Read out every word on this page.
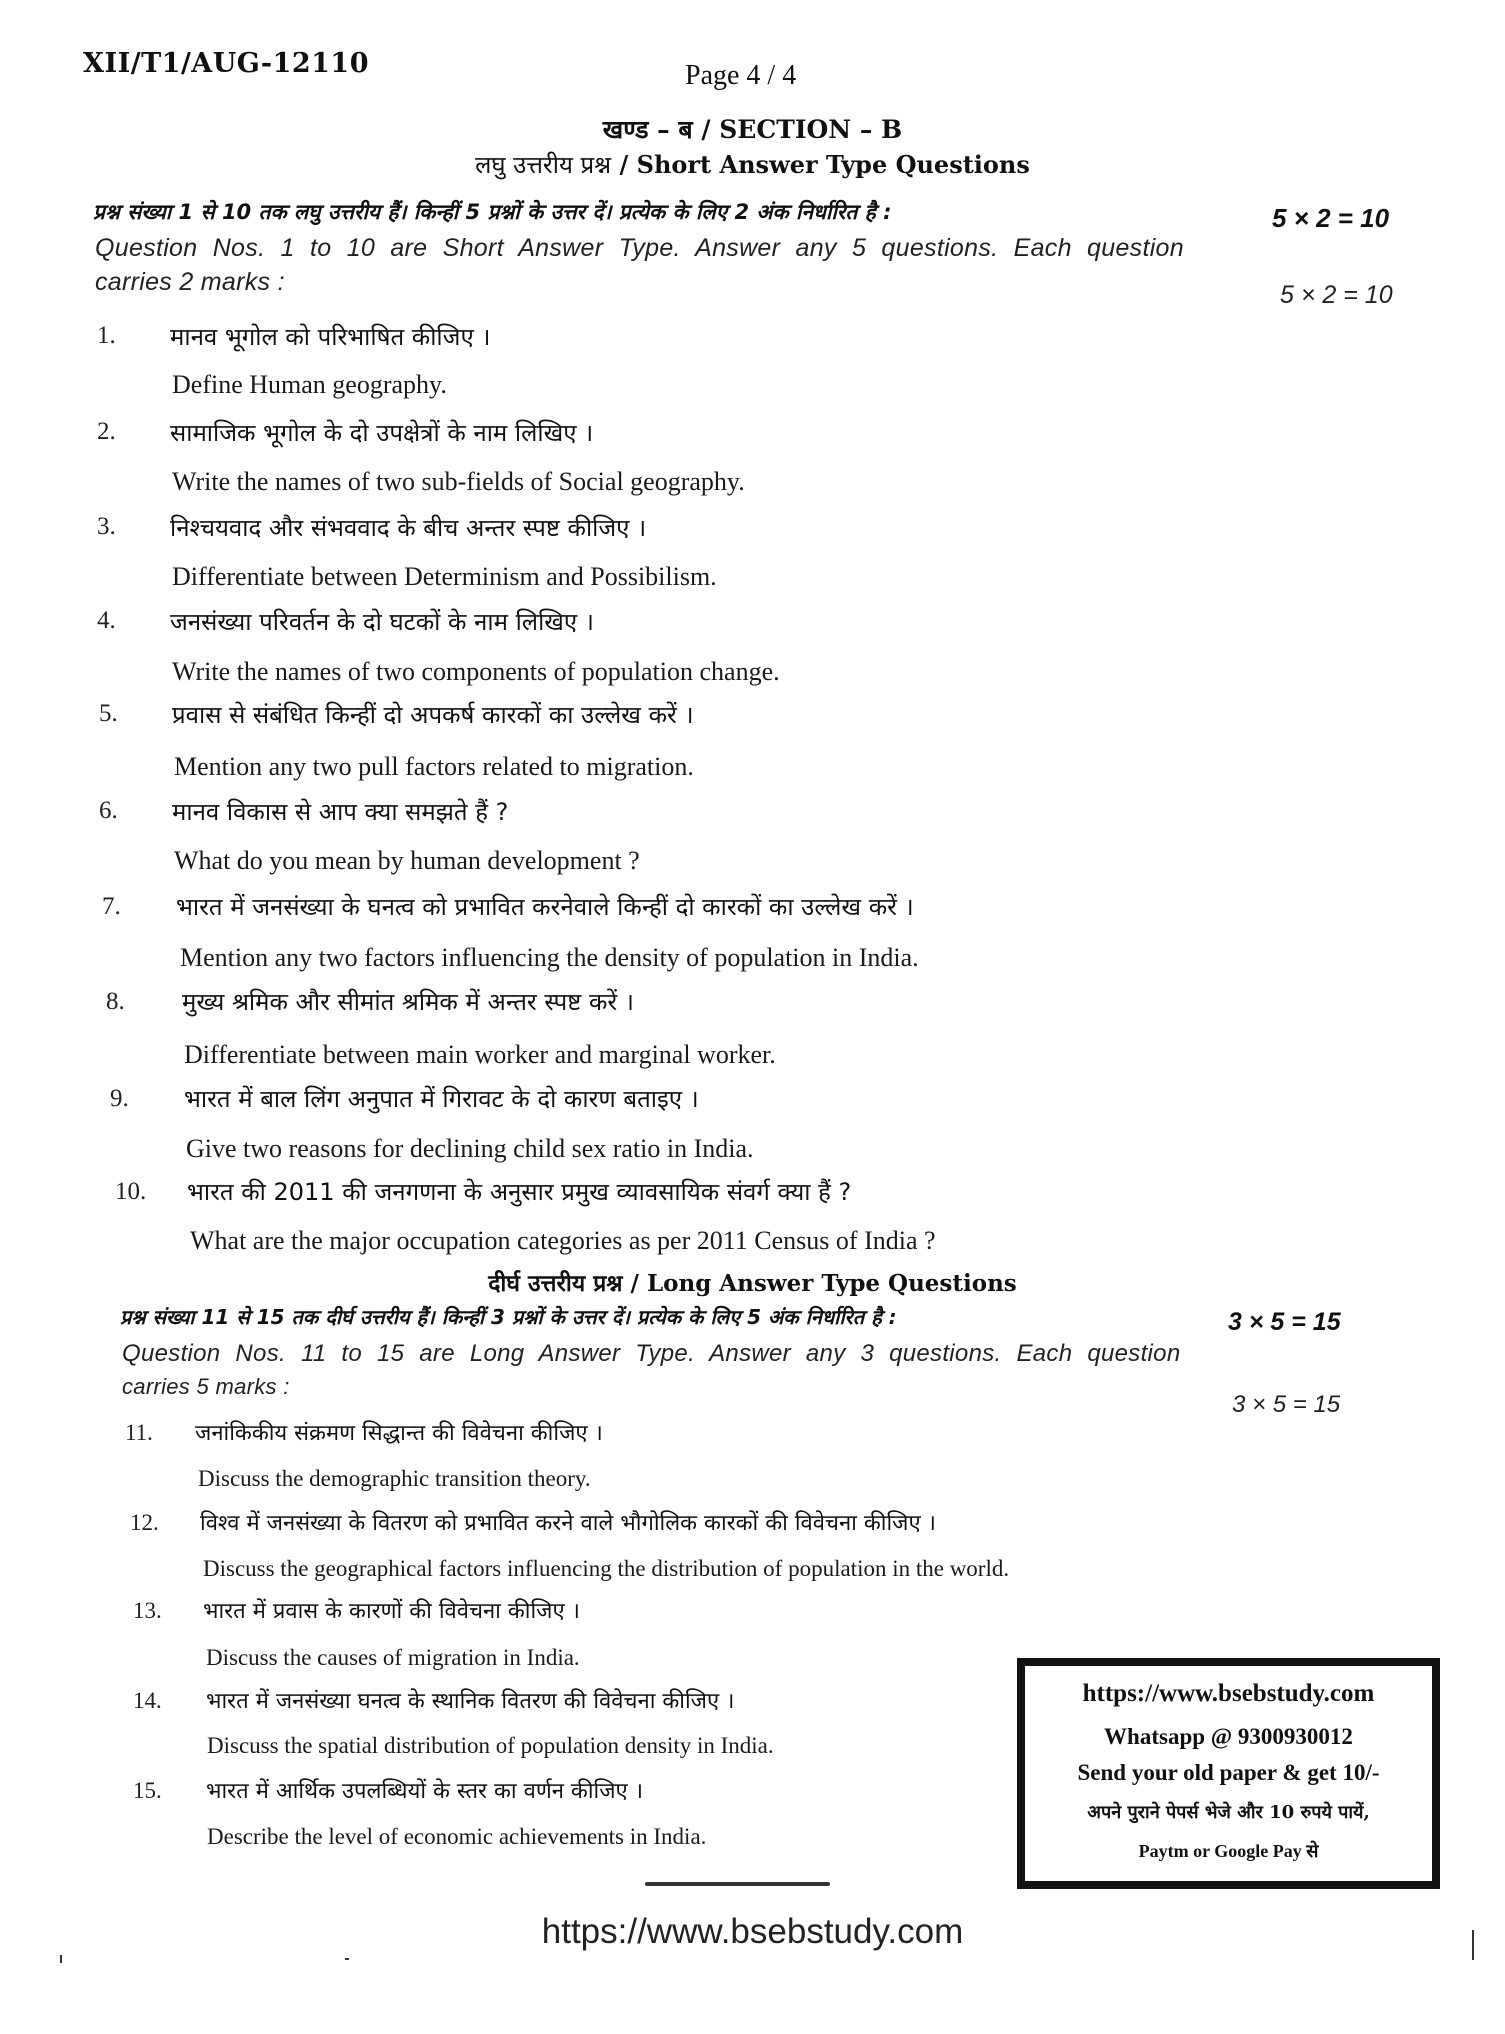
XII/T1/AUG-12110	Page 4 / 4
खण्ड – ब / SECTION – B
लघु उत्तरीय प्रश्न / Short Answer Type Questions
प्रश्न संख्या 1 से 10 तक लघु उत्तरीय हैं। किन्हीं 5 प्रश्नों के उत्तर दें। प्रत्येक के लिए 2 अंक निर्धारित है :	5 × 2 = 10
Question Nos. 1 to 10 are Short Answer Type. Answer any 5 questions. Each question
carries 2 marks :	5 × 2 = 10
1. मानव भूगोल को परिभाषित कीजिए ।
Define Human geography.
2. सामाजिक भूगोल के दो उपक्षेत्रों के नाम लिखिए ।
Write the names of two sub-fields of Social geography.
3. निश्चयवाद और संभववाद के बीच अन्तर स्पष्ट कीजिए ।
Differentiate between Determinism and Possibilism.
4. जनसंख्या परिवर्तन के दो घटकों के नाम लिखिए ।
Write the names of two components of population change.
5. प्रवास से संबंधित किन्हीं दो अपकर्ष कारकों का उल्लेख करें ।
Mention any two pull factors related to migration.
6. मानव विकास से आप क्या समझते हैं ?
What do you mean by human development ?
7. भारत में जनसंख्या के घनत्व को प्रभावित करनेवाले किन्हीं दो कारकों का उल्लेख करें ।
Mention any two factors influencing the density of population in India.
8. मुख्य श्रमिक और सीमांत श्रमिक में अन्तर स्पष्ट करें ।
Differentiate between main worker and marginal worker.
9. भारत में बाल लिंग अनुपात में गिरावट के दो कारण बताइए ।
Give two reasons for declining child sex ratio in India.
10. भारत की 2011 की जनगणना के अनुसार प्रमुख व्यावसायिक संवर्ग क्या हैं ?
What are the major occupation categories as per 2011 Census of India ?
दीर्घ उत्तरीय प्रश्न / Long Answer Type Questions
प्रश्न संख्या 11 से 15 तक दीर्घ उत्तरीय हैं। किन्हीं 3 प्रश्नों के उत्तर दें। प्रत्येक के लिए 5 अंक निर्धारित है :	3 × 5 = 15
Question Nos. 11 to 15 are Long Answer Type. Answer any 3 questions. Each question
carries 5 marks :
3 × 5 = 15
11. जनांकिकीय संक्रमण सिद्धान्त की विवेचना कीजिए ।
Discuss the demographic transition theory.
12. विश्व में जनसंख्या के वितरण को प्रभावित करने वाले भौगोलिक कारकों की विवेचना कीजिए ।
Discuss the geographical factors influencing the distribution of population in the world.
13. भारत में प्रवास के कारणों की विवेचना कीजिए ।
Discuss the causes of migration in India.
14. भारत में जनसंख्या घनत्व के स्थानिक वितरण की विवेचना कीजिए ।
Discuss the spatial distribution of population density in India.
15. भारत में आर्थिक उपलब्धियों के स्तर का वर्णन कीजिए ।
Describe the level of economic achievements in India.
https://www.bsebstudy.com
Whatsapp @ 9300930012
Send your old paper & get 10/-
अपने पुराने पेपर्स भेजे और 10 रुपये पायें,
Paytm or Google Pay से
https://www.bsebstudy.com
